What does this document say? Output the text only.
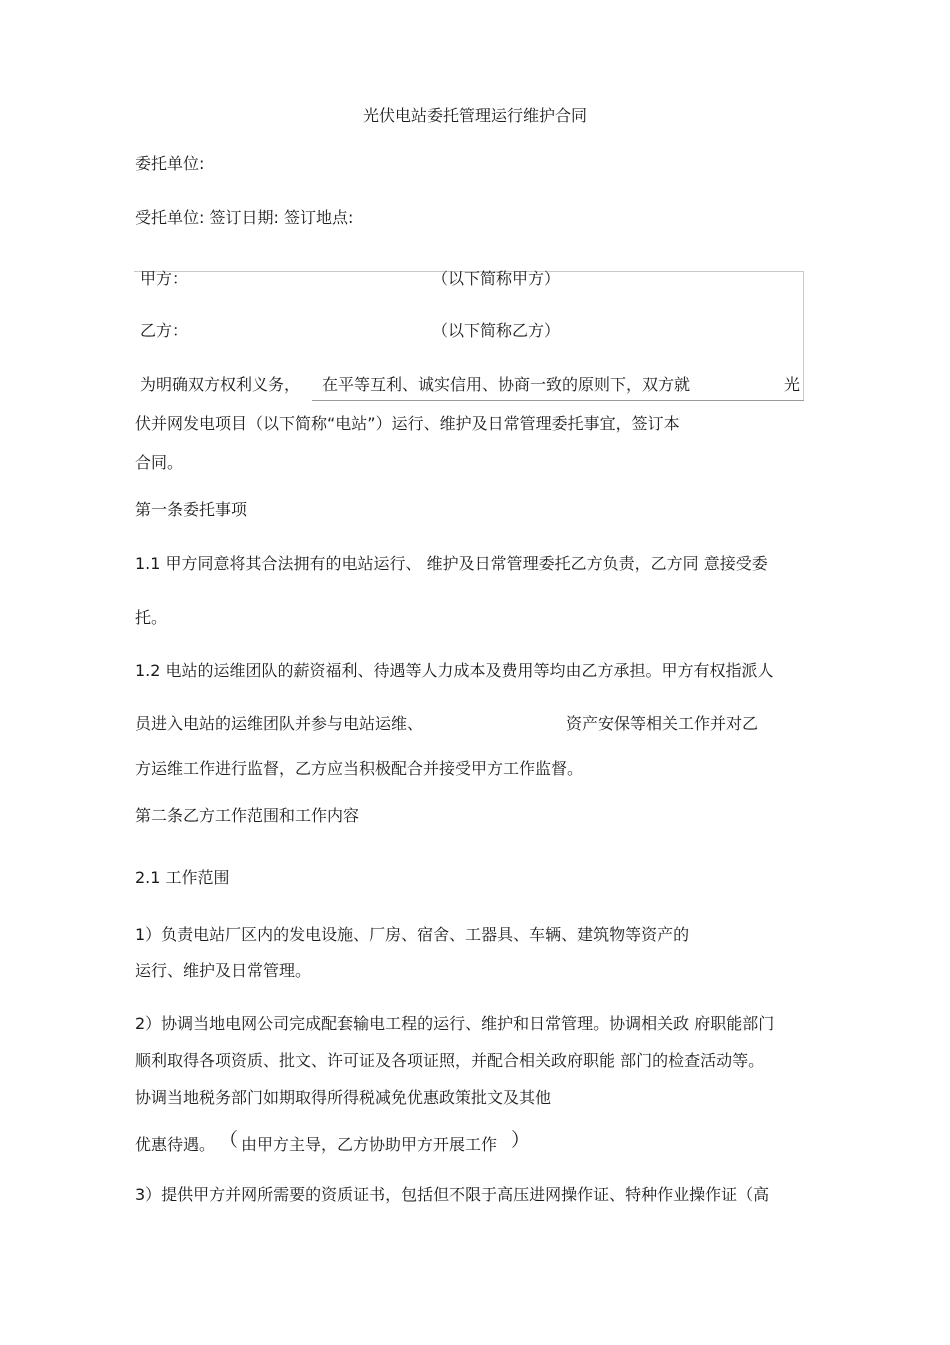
光伏电站委托管理运行维护合同
委托单位:
受托单位: 签订日期: 签订地点:
甲方：	（以下简称甲方）
乙方：	（以下简称乙方）
为明确双方权利义务， 在平等互利、诚实信用、协商一致的原则下，双方就	光
伏并网发电项目（以下简称“电站”）运行、维护及日常管理委托事宜，签订本
合同。
第一条委托事项
1.1 甲方同意将其合法拥有的电站运行、 维护及日常管理委托乙方负责，乙方同 意接受委
托。
1.2 电站的运维团队的薪资福利、待遇等人力成本及费用等均由乙方承担。甲方有权指派人
员进入电站的运维团队并参与电站运维、	资产安保等相关工作并对乙
方运维工作进行监督，乙方应当积极配合并接受甲方工作监督。
第二条乙方工作范围和工作内容
2.1 工作范围
1）负责电站厂区内的发电设施、厂房、宿舍、工器具、车辆、建筑物等资产的
运行、维护及日常管理。
2）协调当地电网公司完成配套输电工程的运行、维护和日常管理。协调相关政 府职能部门
顺利取得各项资质、批文、许可证及各项证照，并配合相关政府职能 部门的检查活动等。
协调当地税务部门如期取得所得税减免优惠政策批文及其他
优惠待遇。 （ 由甲方主导，乙方协助甲方开展工作 ）
3）提供甲方并网所需要的资质证书，包括但不限于高压进网操作证、特种作业操作证（高
